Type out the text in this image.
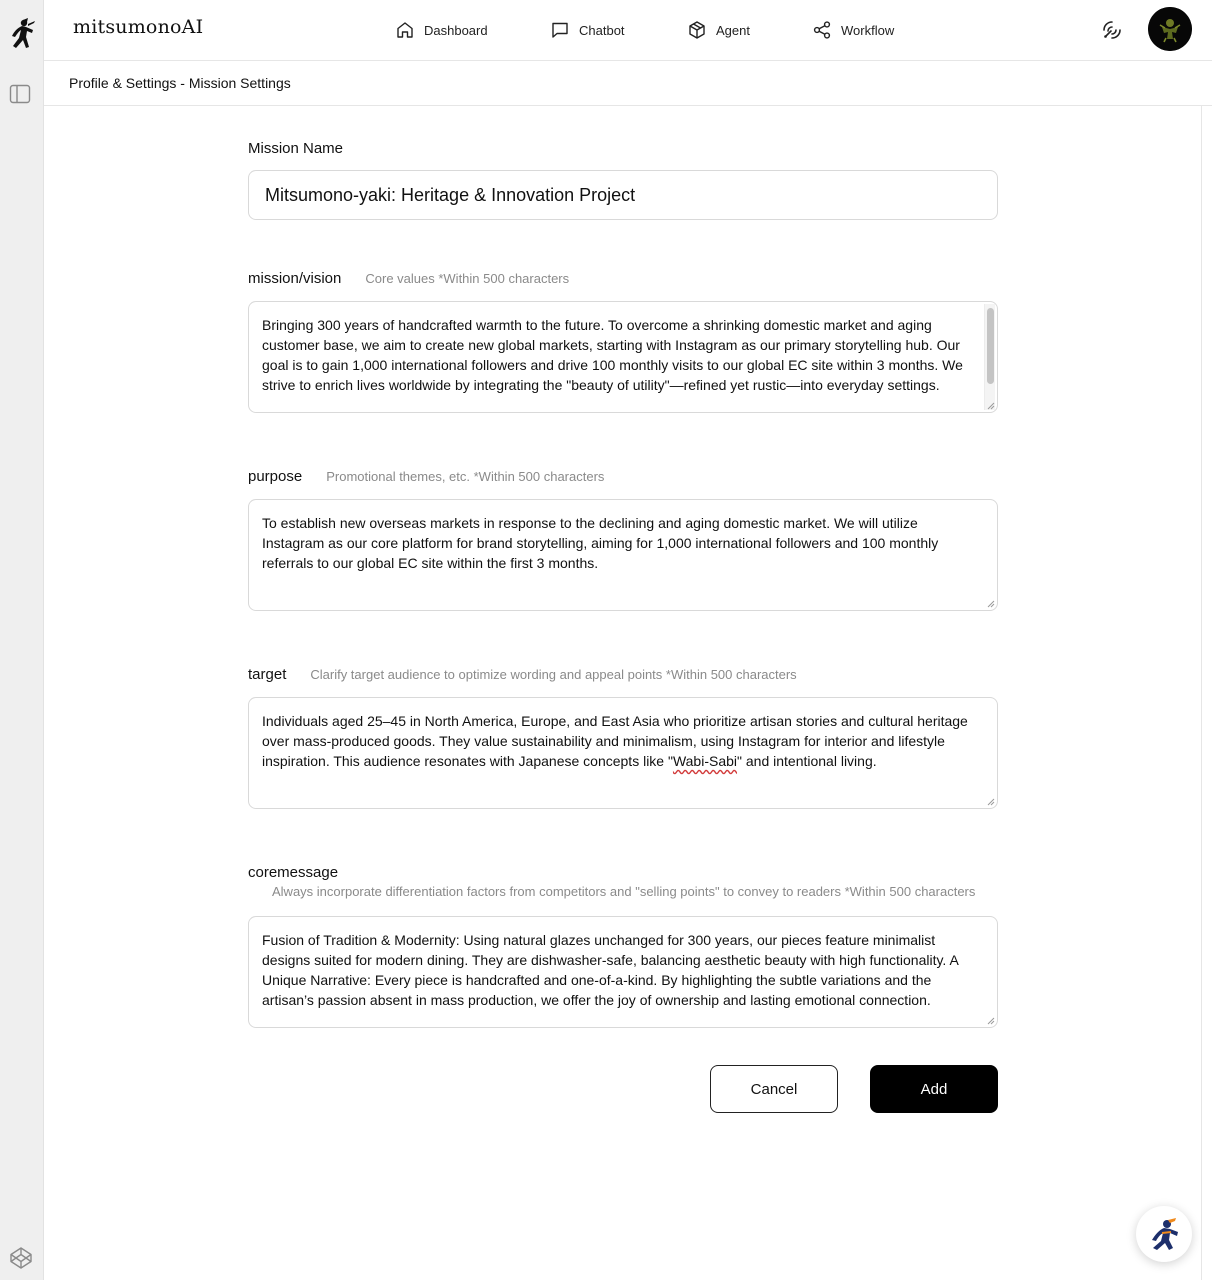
mitsumonoAI	Dashboard	Chatbot	Agent	Workflow
Profile & Settings - Mission Settings
Mission Name
Mitsumono-yaki: Heritage & Innovation Project
mission/vision Core values *Within 500 characters
Bringing 300 years of handcrafted warmth to the future. To overcome a shrinking domestic market and aging customer base, we aim to create new global markets, starting with Instagram as our primary storytelling hub. Our goal is to gain 1,000 international followers and drive 100 monthly visits to our global EC site within 3 months. We strive to enrich lives worldwide by integrating the "beauty of utility"—refined yet rustic—into everyday settings.
purpose Promotional themes, etc. *Within 500 characters
To establish new overseas markets in response to the declining and aging domestic market. We will utilize Instagram as our core platform for brand storytelling, aiming for 1,000 international followers and 100 monthly referrals to our global EC site within the first 3 months.
target Clarify target audience to optimize wording and appeal points *Within 500 characters
Individuals aged 25–45 in North America, Europe, and East Asia who prioritize artisan stories and cultural heritage over mass-produced goods. They value sustainability and minimalism, using Instagram for interior and lifestyle inspiration. This audience resonates with Japanese concepts like "Wabi-Sabi" and intentional living.
coremessage
Always incorporate differentiation factors from competitors and "selling points" to convey to readers *Within 500 characters
Fusion of Tradition & Modernity: Using natural glazes unchanged for 300 years, our pieces feature minimalist designs suited for modern dining. They are dishwasher-safe, balancing aesthetic beauty with high functionality. A Unique Narrative: Every piece is handcrafted and one-of-a-kind. By highlighting the subtle variations and the artisan’s passion absent in mass production, we offer the joy of ownership and lasting emotional connection.
Cancel	Add
